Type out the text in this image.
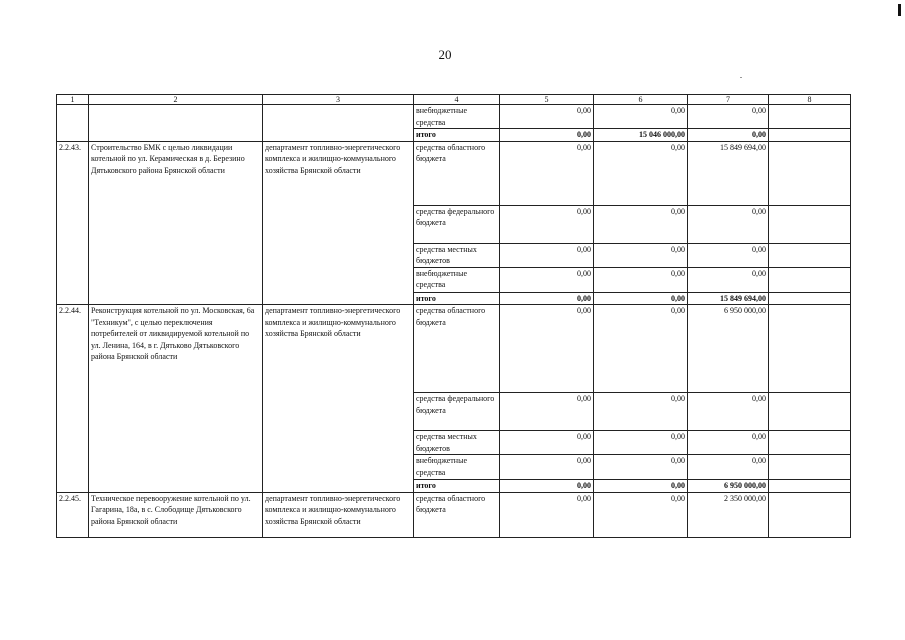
20
1	2	3	4	5	6	7	8
			внебюджетные средства	0,00	0,00	0,00	
			итого	0,00	15 046 000,00	0,00	
2.2.43.	Строительство БМК с целью ликвидации котельной по ул. Керамическая в д. Березино Дятьковского района Брянской области	департамент топливно-энергетического комплекса и жилищно-коммунального хозяйства Брянской области	средства областного бюджета	0,00	0,00	15 849 694,00	
			средства федерального бюджета	0,00	0,00	0,00	
			средства местных бюджетов	0,00	0,00	0,00	
			внебюджетные средства	0,00	0,00	0,00	
			итого	0,00	0,00	15 849 694,00	
2.2.44.	Реконструкция котельной по ул. Московская, 6а "Техникум", с целью переключения потребителей от ликвидируемой котельной по ул. Ленина, 164, в г. Дятьково Дятьковского района Брянской области	департамент топливно-энергетического комплекса и жилищно-коммунального хозяйства Брянской области	средства областного бюджета	0,00	0,00	6 950 000,00	
			средства федерального бюджета	0,00	0,00	0,00	
			средства местных бюджетов	0,00	0,00	0,00	
			внебюджетные средства	0,00	0,00	0,00	
			итого	0,00	0,00	6 950 000,00	
2.2.45.	Техническое перевооружение котельной по ул. Гагарина, 18а, в с. Слободище Дятьковского района Брянской области	департамент топливно-энергетического комплекса и жилищно-коммунального хозяйства Брянской области	средства областного бюджета	0,00	0,00	2 350 000,00	
